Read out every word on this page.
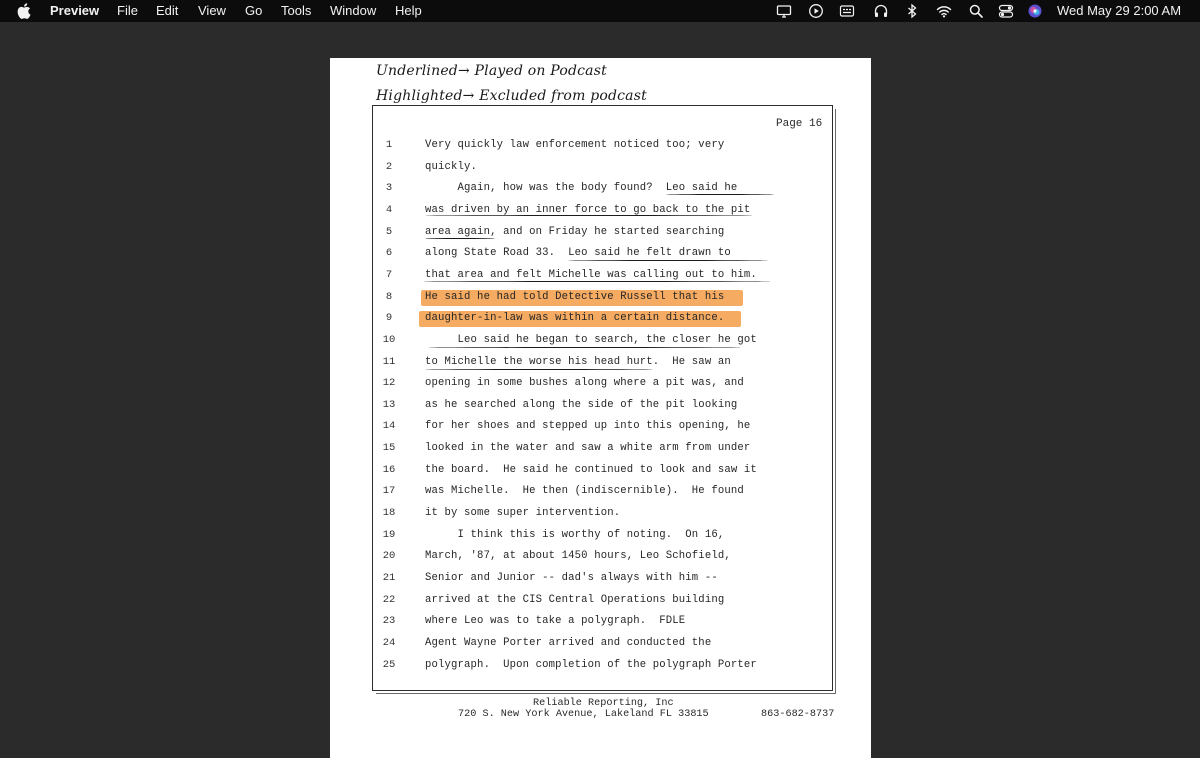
Preview File Edit View Go Tools Window Help	Wed May 29 2:00 AM
Underlined→ Played on Podcast
Highlighted→ Excluded from podcast
Page 16
1	Very quickly law enforcement noticed too; very
2	quickly.
3	Again, how was the body found?  Leo said he
4	was driven by an inner force to go back to the pit
5	area again, and on Friday he started searching
6	along State Road 33.  Leo said he felt drawn to
7	that area and felt Michelle was calling out to him.
8	He said he had told Detective Russell that his
9	daughter-in-law was within a certain distance.
10	Leo said he began to search, the closer he got
11	to Michelle the worse his head hurt.  He saw an
12	opening in some bushes along where a pit was, and
13	as he searched along the side of the pit looking
14	for her shoes and stepped up into this opening, he
15	looked in the water and saw a white arm from under
16	the board.  He said he continued to look and saw it
17	was Michelle.  He then (indiscernible).  He found
18	it by some super intervention.
19	I think this is worthy of noting.  On 16,
20	March, '87, at about 1450 hours, Leo Schofield,
21	Senior and Junior -- dad's always with him --
22	arrived at the CIS Central Operations building
23	where Leo was to take a polygraph.  FDLE
24	Agent Wayne Porter arrived and conducted the
25	polygraph.  Upon completion of the polygraph Porter
Reliable Reporting, Inc
720 S. New York Avenue, Lakeland FL 33815	863-682-8737
